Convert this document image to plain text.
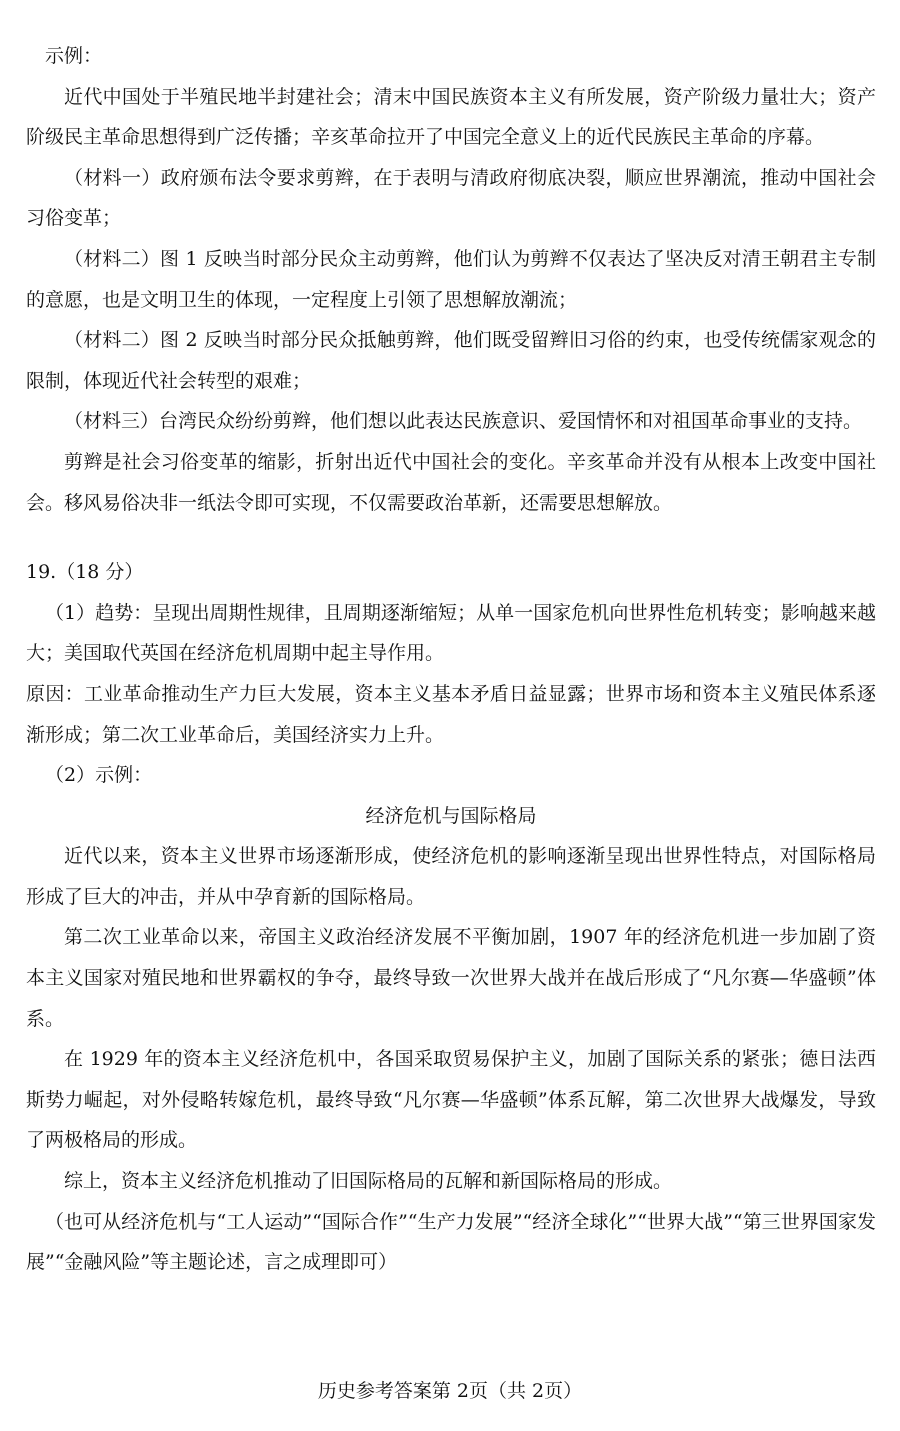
示例：

近代中国处于半殖民地半封建社会；清末中国民族资本主义有所发展，资产阶级力量壮大；资产阶级民主革命思想得到广泛传播；辛亥革命拉开了中国完全意义上的近代民族民主革命的序幕。

（材料一）政府颁布法令要求剪辫，在于表明与清政府彻底决裂，顺应世界潮流，推动中国社会习俗变革；

（材料二）图 1 反映当时部分民众主动剪辫，他们认为剪辫不仅表达了坚决反对清王朝君主专制的意愿，也是文明卫生的体现，一定程度上引领了思想解放潮流；

（材料二）图 2 反映当时部分民众抵触剪辫，他们既受留辫旧习俗的约束，也受传统儒家观念的限制，体现近代社会转型的艰难；

（材料三）台湾民众纷纷剪辫，他们想以此表达民族意识、爱国情怀和对祖国革命事业的支持。

剪辫是社会习俗变革的缩影，折射出近代中国社会的变化。辛亥革命并没有从根本上改变中国社会。移风易俗决非一纸法令即可实现，不仅需要政治革新，还需要思想解放。

19.（18 分）

（1）趋势：呈现出周期性规律，且周期逐渐缩短；从单一国家危机向世界性危机转变；影响越来越大；美国取代英国在经济危机周期中起主导作用。

原因：工业革命推动生产力巨大发展，资本主义基本矛盾日益显露；世界市场和资本主义殖民体系逐渐形成；第二次工业革命后，美国经济实力上升。

（2）示例：

经济危机与国际格局

近代以来，资本主义世界市场逐渐形成，使经济危机的影响逐渐呈现出世界性特点，对国际格局形成了巨大的冲击，并从中孕育新的国际格局。

第二次工业革命以来，帝国主义政治经济发展不平衡加剧，1907 年的经济危机进一步加剧了资本主义国家对殖民地和世界霸权的争夺，最终导致一次世界大战并在战后形成了“凡尔赛—华盛顿”体系。

在 1929 年的资本主义经济危机中，各国采取贸易保护主义，加剧了国际关系的紧张；德日法西斯势力崛起，对外侵略转嫁危机，最终导致“凡尔赛—华盛顿”体系瓦解，第二次世界大战爆发，导致了两极格局的形成。

综上，资本主义经济危机推动了旧国际格局的瓦解和新国际格局的形成。

（也可从经济危机与“工人运动”“国际合作”“生产力发展”“经济全球化”“世界大战”“第三世界国家发展”“金融风险”等主题论述，言之成理即可）

历史参考答案第 2页（共 2页）
